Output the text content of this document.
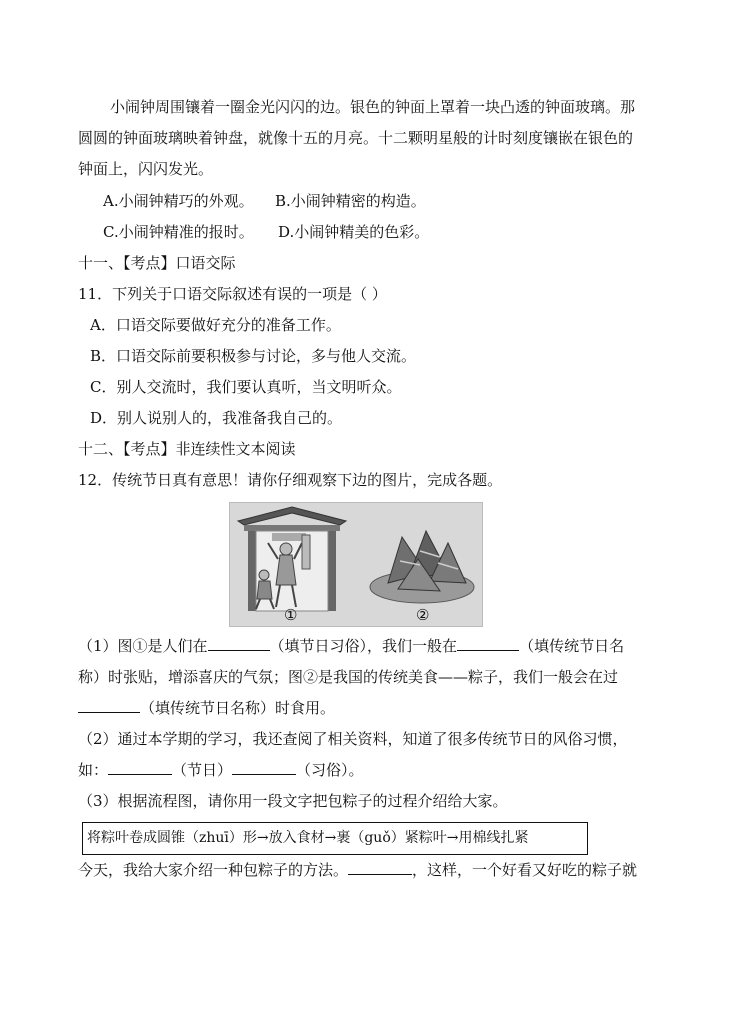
小闹钟周围镶着一圈金光闪闪的边。银色的钟面上罩着一块凸透的钟面玻璃。那
圆圆的钟面玻璃映着钟盘，就像十五的月亮。十二颗明星般的计时刻度镶嵌在银色的
钟面上，闪闪发光。
A.小闹钟精巧的外观。 B.小闹钟精密的构造。
C.小闹钟精准的报时。 D.小闹钟精美的色彩。
十一、【考点】口语交际
11．下列关于口语交际叙述有误的一项是（ ）
A．口语交际要做好充分的准备工作。
B．口语交际前要积极参与讨论，多与他人交流。
C．别人交流时，我们要认真听，当文明听众。
D．别人说别人的，我准备我自己的。
十二、【考点】非连续性文本阅读
12．传统节日真有意思！请你仔细观察下边的图片，完成各题。
①	②
（1）图①是人们在	（填节日习俗），我们一般在	（填传统节日名
称）时张贴，增添喜庆的气氛；图②是我国的传统美食——粽子，我们一般会在过
（填传统节日名称）时食用。
（2）通过本学期的学习，我还查阅了相关资料，知道了很多传统节日的风俗习惯，
如：	（节日）	（习俗）。
（3）根据流程图，请你用一段文字把包粽子的过程介绍给大家。
将粽叶卷成圆锥（zhuī）形→放入食材→裹（guǒ）紧粽叶→用棉线扎紧
今天，我给大家介绍一种包粽子的方法。	，这样，一个好看又好吃的粽子就
